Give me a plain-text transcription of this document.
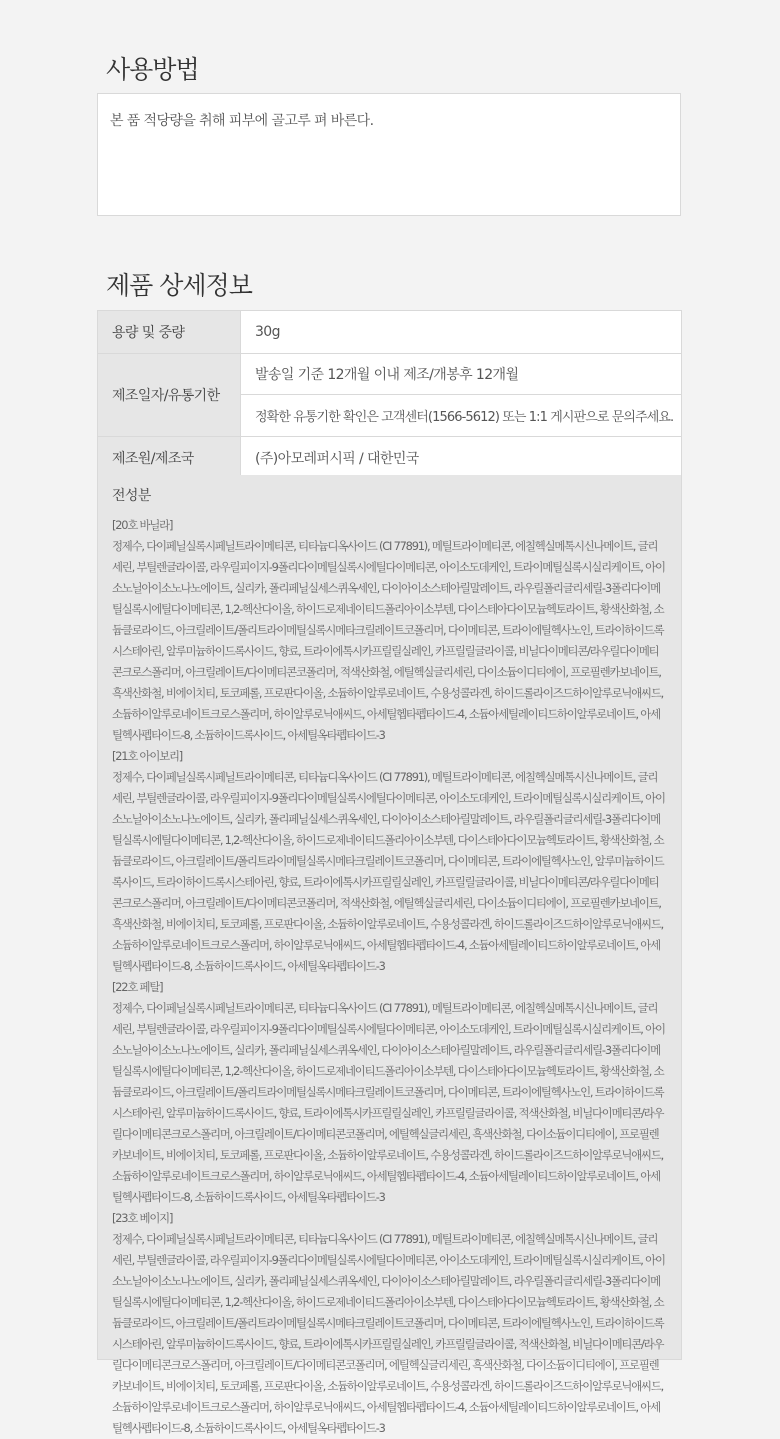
사용방법
본 품 적당량을 취해 피부에 골고루 펴 바른다.
제품 상세정보
용량 및 중량	30g
제조일자/유통기한	발송일 기준 12개월 이내 제조/개봉후 12개월
	정확한 유통기한 확인은 고객센터(1566-5612) 또는 1:1 게시판으로 문의주세요.
제조원/제조국	(주)아모레퍼시픽 / 대한민국
전성분
[20호 바닐라]
정제수, 다이페닐실록시페닐트라이메티콘, 티타늄디옥사이드 (CI 77891), 메틸트라이메티콘, 에칠헥실메톡시신나메이트, 글리세린, 부틸렌글라이콜, 라우릴피이지-9폴리다이메틸실록시에틸다이메티콘, 아이소도데케인, 트라이메틸실록시실리케이트, 아이소노닐아이소노나노에이트, 실리카, 폴리페닐실세스퀴옥세인, 다이아이소스테아릴말레이트, 라우릴폴리글리세릴-3폴리다이메틸실록시에틸다이메티콘, 1,2-헥산다이올, 하이드로제네이티드폴리아이소부텐, 다이스테아다이모늄헥토라이트, 황색산화철, 소듐클로라이드, 아크릴레이트/폴리트라이메틸실록시메타크릴레이트코폴리머, 다이메티콘, 트라이에틸헥사노인, 트라이하이드록시스테아린, 알루미늄하이드록사이드, 향료, 트라이에톡시카프릴릴실레인, 카프릴릴글라이콜, 비닐다이메티콘/라우릴다이메티콘크로스폴리머, 아크릴레이트/다이메티콘코폴리머, 적색산화철, 에틸헥실글리세린, 다이소듐이디티에이, 프로필렌카보네이트, 흑색산화철, 비에이치티, 토코페롤, 프로판다이올, 소듐하이알루로네이트, 수용성콜라겐, 하이드롤라이즈드하이알루로닉애씨드, 소듐하이알루로네이트크로스폴리머, 하이알루로닉애씨드, 아세틸헵타펩타이드-4, 소듐아세틸레이티드하이알루로네이트, 아세틸헥사펩타이드-8, 소듐하이드록사이드, 아세틸옥타펩타이드-3
[21호 아이보리]
정제수, 다이페닐실록시페닐트라이메티콘, 티타늄디옥사이드 (CI 77891), 메틸트라이메티콘, 에칠헥실메톡시신나메이트, 글리세린, 부틸렌글라이콜, 라우릴피이지-9폴리다이메틸실록시에틸다이메티콘, 아이소도데케인, 트라이메틸실록시실리케이트, 아이소노닐아이소노나노에이트, 실리카, 폴리페닐실세스퀴옥세인, 다이아이소스테아릴말레이트, 라우릴폴리글리세릴-3폴리다이메틸실록시에틸다이메티콘, 1,2-헥산다이올, 하이드로제네이티드폴리아이소부텐, 다이스테아다이모늄헥토라이트, 황색산화철, 소듐클로라이드, 아크릴레이트/폴리트라이메틸실록시메타크릴레이트코폴리머, 다이메티콘, 트라이에틸헥사노인, 알루미늄하이드록사이드, 트라이하이드록시스테아린, 향료, 트라이에톡시카프릴릴실레인, 카프릴릴글라이콜, 비닐다이메티콘/라우릴다이메티콘크로스폴리머, 아크릴레이트/다이메티콘코폴리머, 적색산화철, 에틸헥실글리세린, 다이소듐이디티에이, 프로필렌카보네이트, 흑색산화철, 비에이치티, 토코페롤, 프로판다이올, 소듐하이알루로네이트, 수용성콜라겐, 하이드롤라이즈드하이알루로닉애씨드, 소듐하이알루로네이트크로스폴리머, 하이알루로닉애씨드, 아세틸헵타펩타이드-4, 소듐아세틸레이티드하이알루로네이트, 아세틸헥사펩타이드-8, 소듐하이드록사이드, 아세틸옥타펩타이드-3
[22호 페탈]
정제수, 다이페닐실록시페닐트라이메티콘, 티타늄디옥사이드 (CI 77891), 메틸트라이메티콘, 에칠헥실메톡시신나메이트, 글리세린, 부틸렌글라이콜, 라우릴피이지-9폴리다이메틸실록시에틸다이메티콘, 아이소도데케인, 트라이메틸실록시실리케이트, 아이소노닐아이소노나노에이트, 실리카, 폴리페닐실세스퀴옥세인, 다이아이소스테아릴말레이트, 라우릴폴리글리세릴-3폴리다이메틸실록시에틸다이메티콘, 1,2-헥산다이올, 하이드로제네이티드폴리아이소부텐, 다이스테아다이모늄헥토라이트, 황색산화철, 소듐클로라이드, 아크릴레이트/폴리트라이메틸실록시메타크릴레이트코폴리머, 다이메티콘, 트라이에틸헥사노인, 트라이하이드록시스테아린, 알루미늄하이드록사이드, 향료, 트라이에톡시카프릴릴실레인, 카프릴릴글라이콜, 적색산화철, 비닐다이메티콘/라우릴다이메티콘크로스폴리머, 아크릴레이트/다이메티콘코폴리머, 에틸헥실글리세린, 흑색산화철, 다이소듐이디티에이, 프로필렌카보네이트, 비에이치티, 토코페롤, 프로판다이올, 소듐하이알루로네이트, 수용성콜라겐, 하이드롤라이즈드하이알루로닉애씨드, 소듐하이알루로네이트크로스폴리머, 하이알루로닉애씨드, 아세틸헵타펩타이드-4, 소듐아세틸레이티드하이알루로네이트, 아세틸헥사펩타이드-8, 소듐하이드록사이드, 아세틸옥타펩타이드-3
[23호 베이지]
정제수, 다이페닐실록시페닐트라이메티콘, 티타늄디옥사이드 (CI 77891), 메틸트라이메티콘, 에칠헥실메톡시신나메이트, 글리세린, 부틸렌글라이콜, 라우릴피이지-9폴리다이메틸실록시에틸다이메티콘, 아이소도데케인, 트라이메틸실록시실리케이트, 아이소노닐아이소노나노에이트, 실리카, 폴리페닐실세스퀴옥세인, 다이아이소스테아릴말레이트, 라우릴폴리글리세릴-3폴리다이메틸실록시에틸다이메티콘, 1,2-헥산다이올, 하이드로제네이티드폴리아이소부텐, 다이스테아다이모늄헥토라이트, 황색산화철, 소듐클로라이드, 아크릴레이트/폴리트라이메틸실록시메타크릴레이트코폴리머, 다이메티콘, 트라이에틸헥사노인, 트라이하이드록시스테아린, 알루미늄하이드록사이드, 향료, 트라이에톡시카프릴릴실레인, 카프릴릴글라이콜, 적색산화철, 비닐다이메티콘/라우릴다이메티콘크로스폴리머, 아크릴레이트/다이메티콘코폴리머, 에틸헥실글리세린, 흑색산화철, 다이소듐이디티에이, 프로필렌카보네이트, 비에이치티, 토코페롤, 프로판다이올, 소듐하이알루로네이트, 수용성콜라겐, 하이드롤라이즈드하이알루로닉애씨드, 소듐하이알루로네이트크로스폴리머, 하이알루로닉애씨드, 아세틸헵타펩타이드-4, 소듐아세틸레이티드하이알루로네이트, 아세틸헥사펩타이드-8, 소듐하이드록사이드, 아세틸옥타펩타이드-3
